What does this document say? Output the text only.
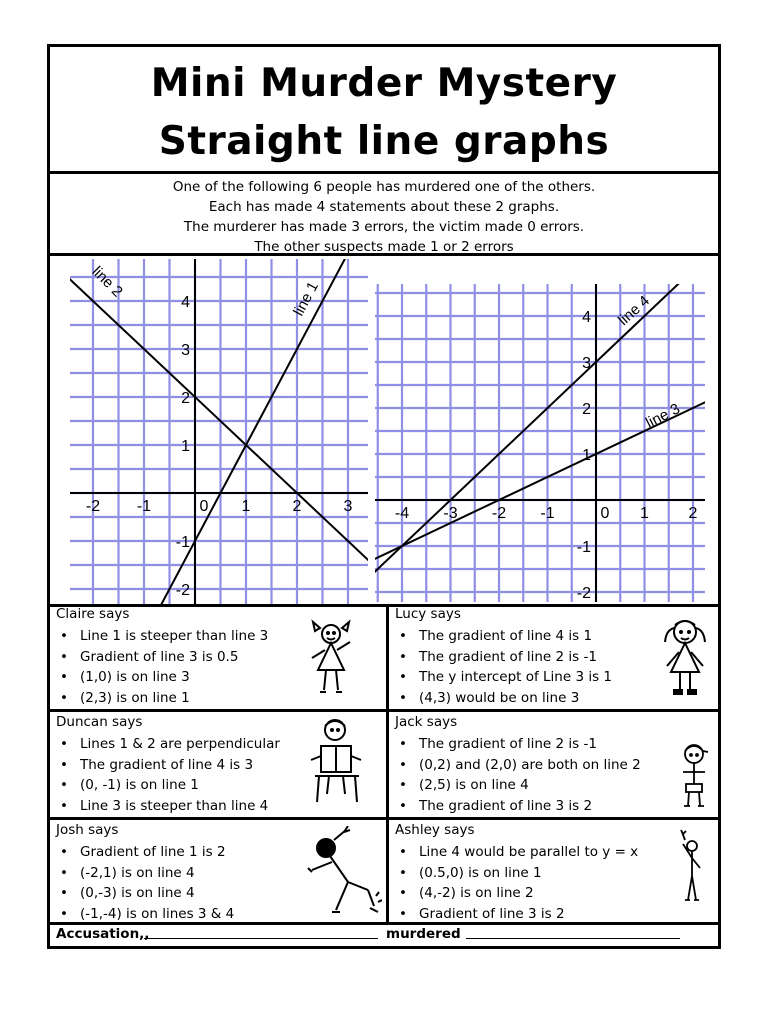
Mini Murder Mystery
Straight line graphs
One of the following 6 people has murdered one of the others.
Each has made 4 statements about these 2 graphs.
The murderer has made 3 errors, the victim made 0 errors.
The other suspects made 1 or 2 errors
-2 -1	0 1	2	3
4
3
2
1
-1
-2
line 1
line 2
-4 -3 -2 -1	0 1 2
4
3
2
1
-1
-2
line 3
line 4
Claire says
• Line 1 is steeper than line 3
• Gradient of line 3 is 0.5
• (1,0) is on line 3
• (2,3) is on line 1
Lucy says
• The gradient of line 4 is 1
• The gradient of line 2 is -1
• The y intercept of Line 3 is 1
• (4,3) would be on line 3
Duncan says
• Lines 1 & 2 are perpendicular
• The gradient of line 4 is 3
• (0, -1) is on line 1
• Line 3 is steeper than line 4
Jack says
• The gradient of line 2 is -1
• (0,2) and (2,0) are both on line 2
• (2,5) is on line 4
• The gradient of line 3 is 2
Josh says
• Gradient of line 1 is 2
• (-2,1) is on line 4
• (0,-3) is on line 4
• (-1,-4) is on lines 3 & 4
Ashley says
• Line 4 would be parallel to y = x
• (0.5,0) is on line 1
• (4,-2) is on line 2
• Gradient of line 3 is 2
Accusation,,	murdered
